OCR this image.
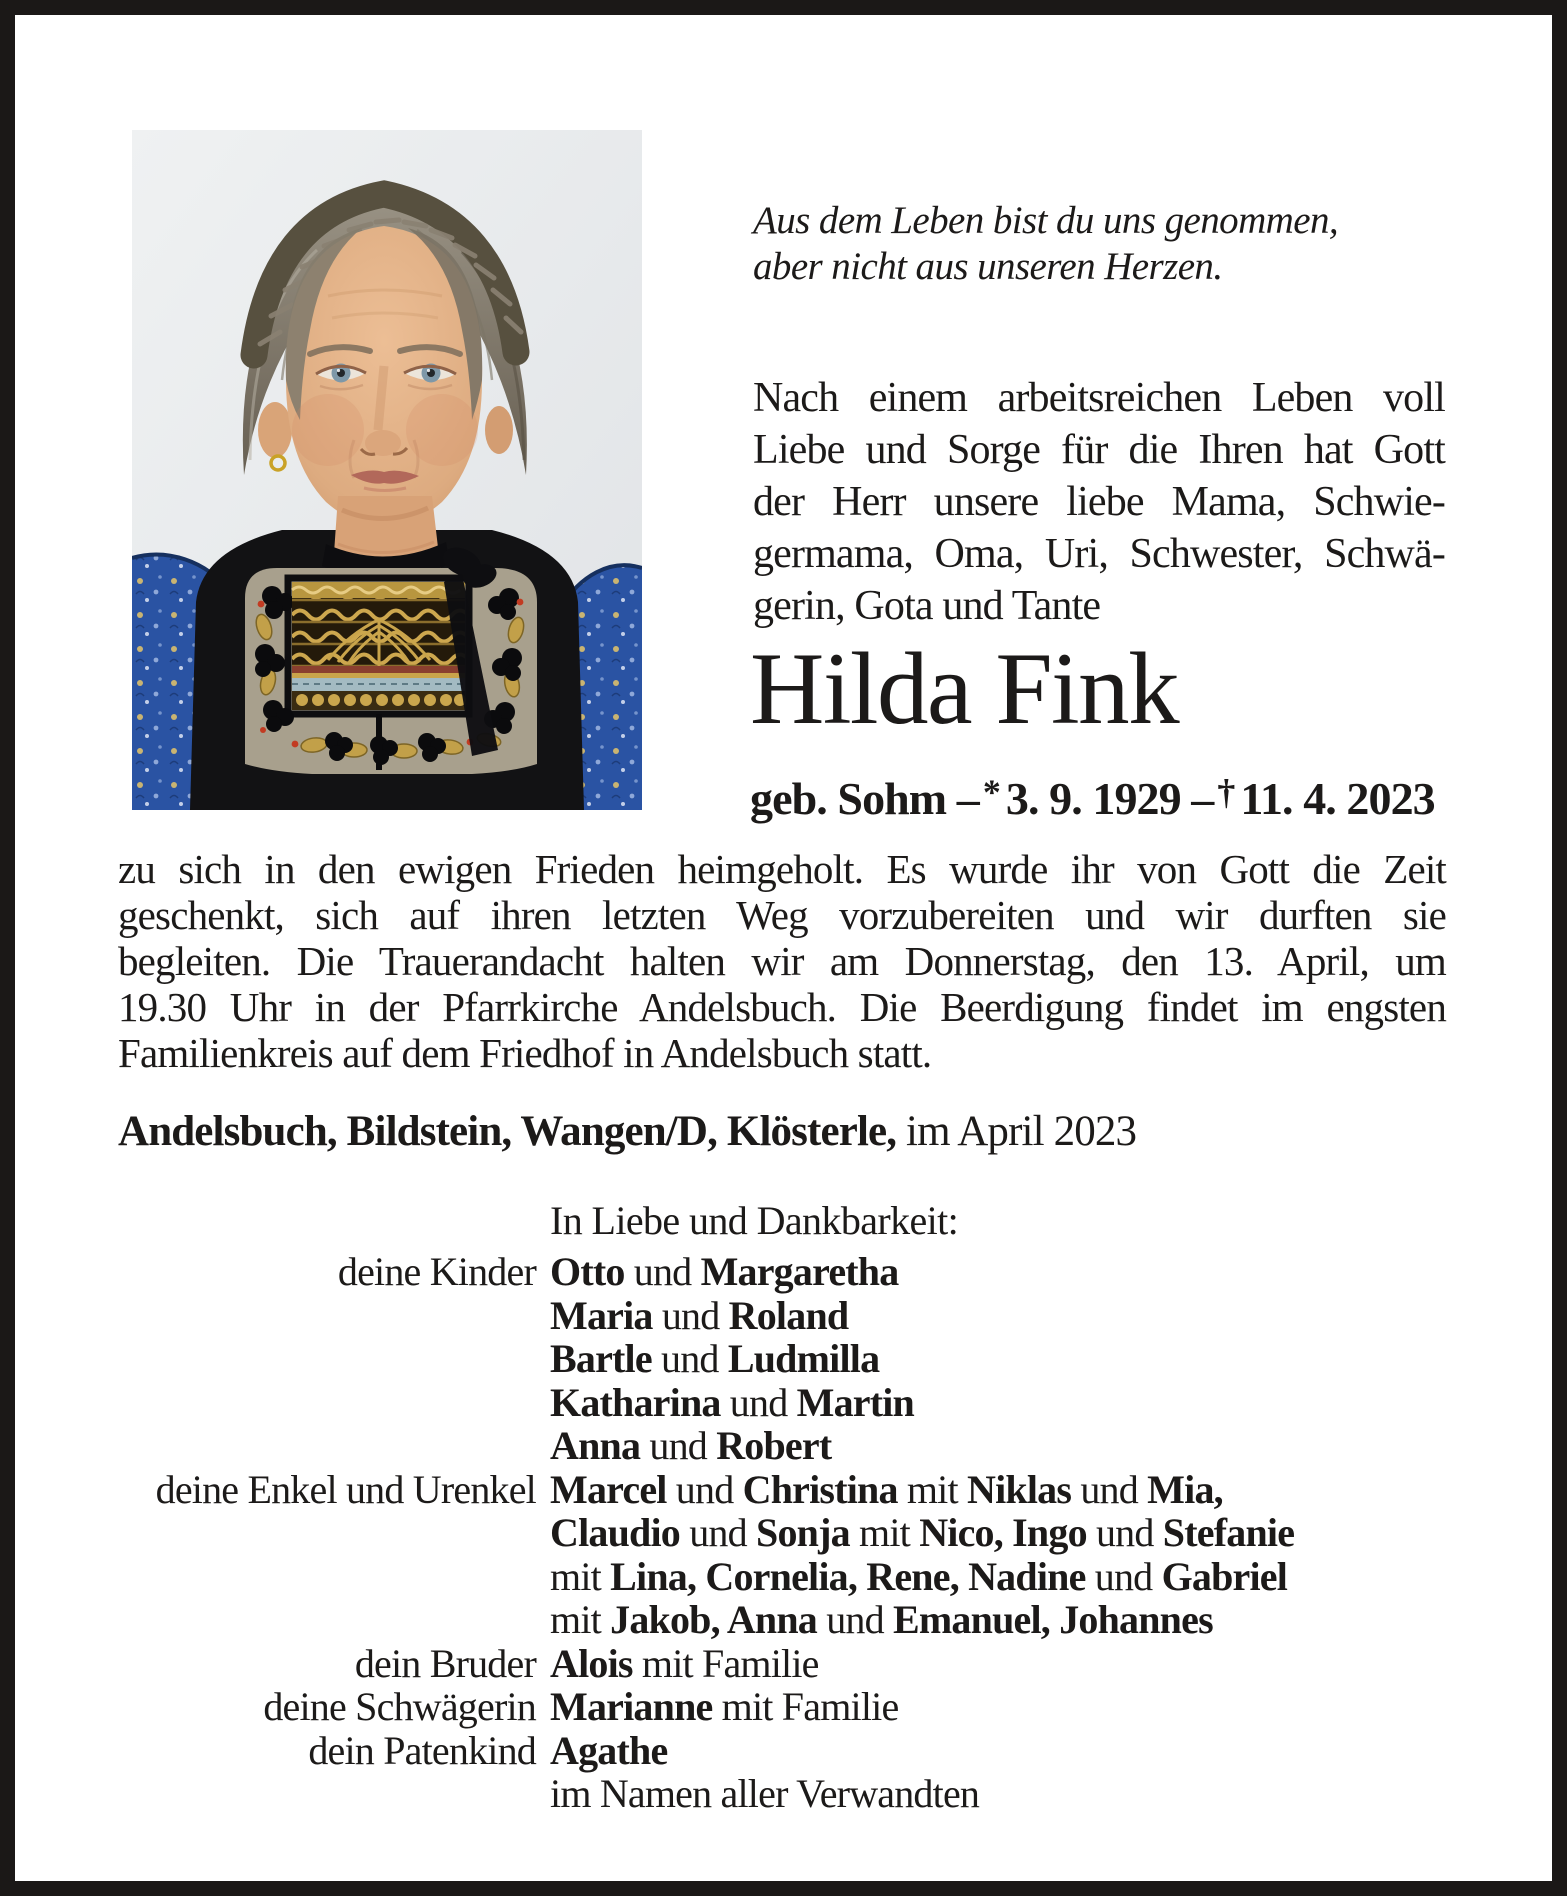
Aus dem Leben bist du uns genommen,
aber nicht aus unseren Herzen.
Nach einem arbeitsreichen Leben voll
Liebe und Sorge für die Ihren hat Gott
der Herr unsere liebe Mama, Schwie-
germama, Oma, Uri, Schwester, Schwä-
gerin, Gota und Tante
Hilda Fink
geb. Sohm – * 3. 9. 1929 – † 11. 4. 2023
zu sich in den ewigen Frieden heimgeholt. Es wurde ihr von Gott die Zeit
geschenkt, sich auf ihren letzten Weg vorzubereiten und wir durften sie
begleiten. Die Trauerandacht halten wir am Donnerstag, den 13. April, um
19.30 Uhr in der Pfarrkirche Andelsbuch. Die Beerdigung findet im engsten
Familienkreis auf dem Friedhof in Andelsbuch statt.
Andelsbuch, Bildstein, Wangen/D, Klösterle, im April 2023
In Liebe und Dankbarkeit:
deine Kinder Otto und Margaretha
Maria und Roland
Bartle und Ludmilla
Katharina und Martin
Anna und Robert
deine Enkel und Urenkel Marcel und Christina mit Niklas und Mia,
Claudio und Sonja mit Nico, Ingo und Stefanie
mit Lina, Cornelia, Rene, Nadine und Gabriel
mit Jakob, Anna und Emanuel, Johannes
dein Bruder Alois mit Familie
deine Schwägerin Marianne mit Familie
dein Patenkind Agathe
im Namen aller Verwandten
